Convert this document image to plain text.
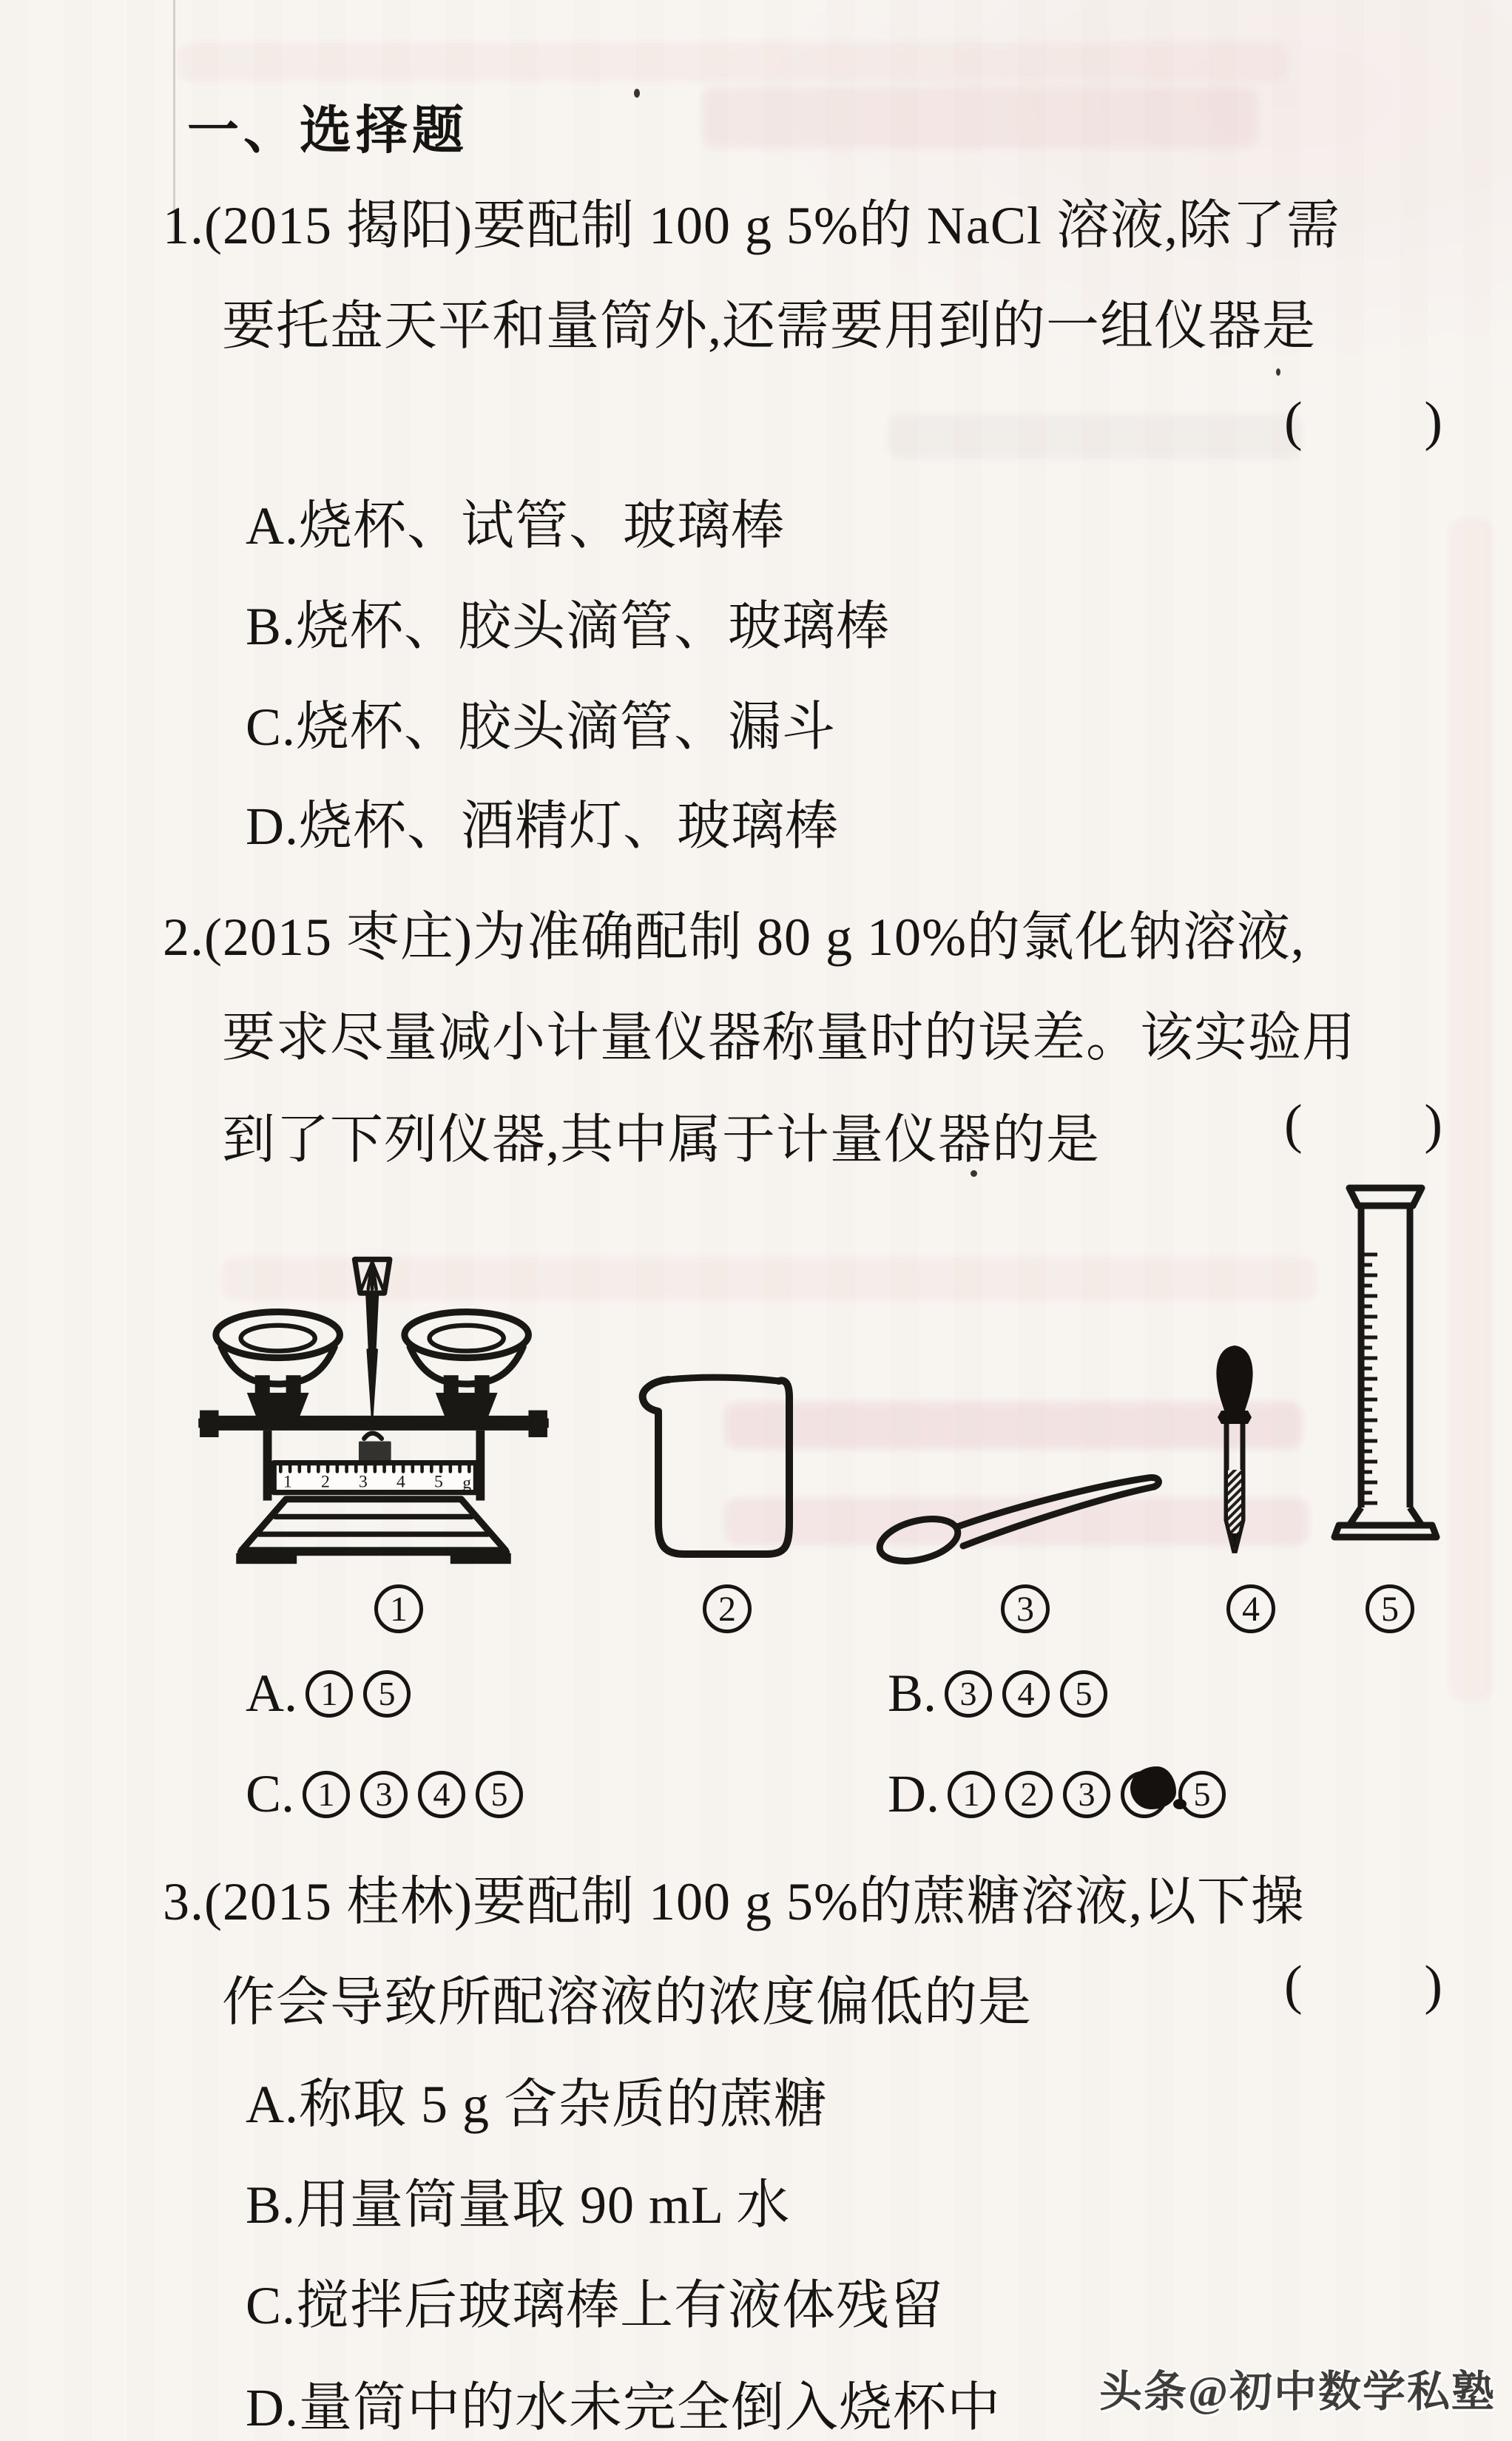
一、选择题
1.(2015 揭阳)要配制 100 g 5%的 NaCl 溶液,除了需
要托盘天平和量筒外,还需要用到的一组仪器是
( )
A.烧杯、试管、玻璃棒
B.烧杯、胶头滴管、玻璃棒
C.烧杯、胶头滴管、漏斗
D.烧杯、酒精灯、玻璃棒
2.(2015 枣庄)为准确配制 80 g 10%的氯化钠溶液,
要求尽量减小计量仪器称量时的误差。该实验用
到了下列仪器,其中属于计量仪器的是	( )
1 2 3 4 5 g
1	2	3	4	5
A. 1	5	B. 3	4	5
C. 1	3	4	5	D. 1	2	3	5
3.(2015 桂林)要配制 100 g 5%的蔗糖溶液,以下操
作会导致所配溶液的浓度偏低的是	( )
A.称取 5 g 含杂质的蔗糖
B.用量筒量取 90 mL 水
C.搅拌后玻璃棒上有液体残留
D.量筒中的水未完全倒入烧杯中 头条@初中数学私塾
